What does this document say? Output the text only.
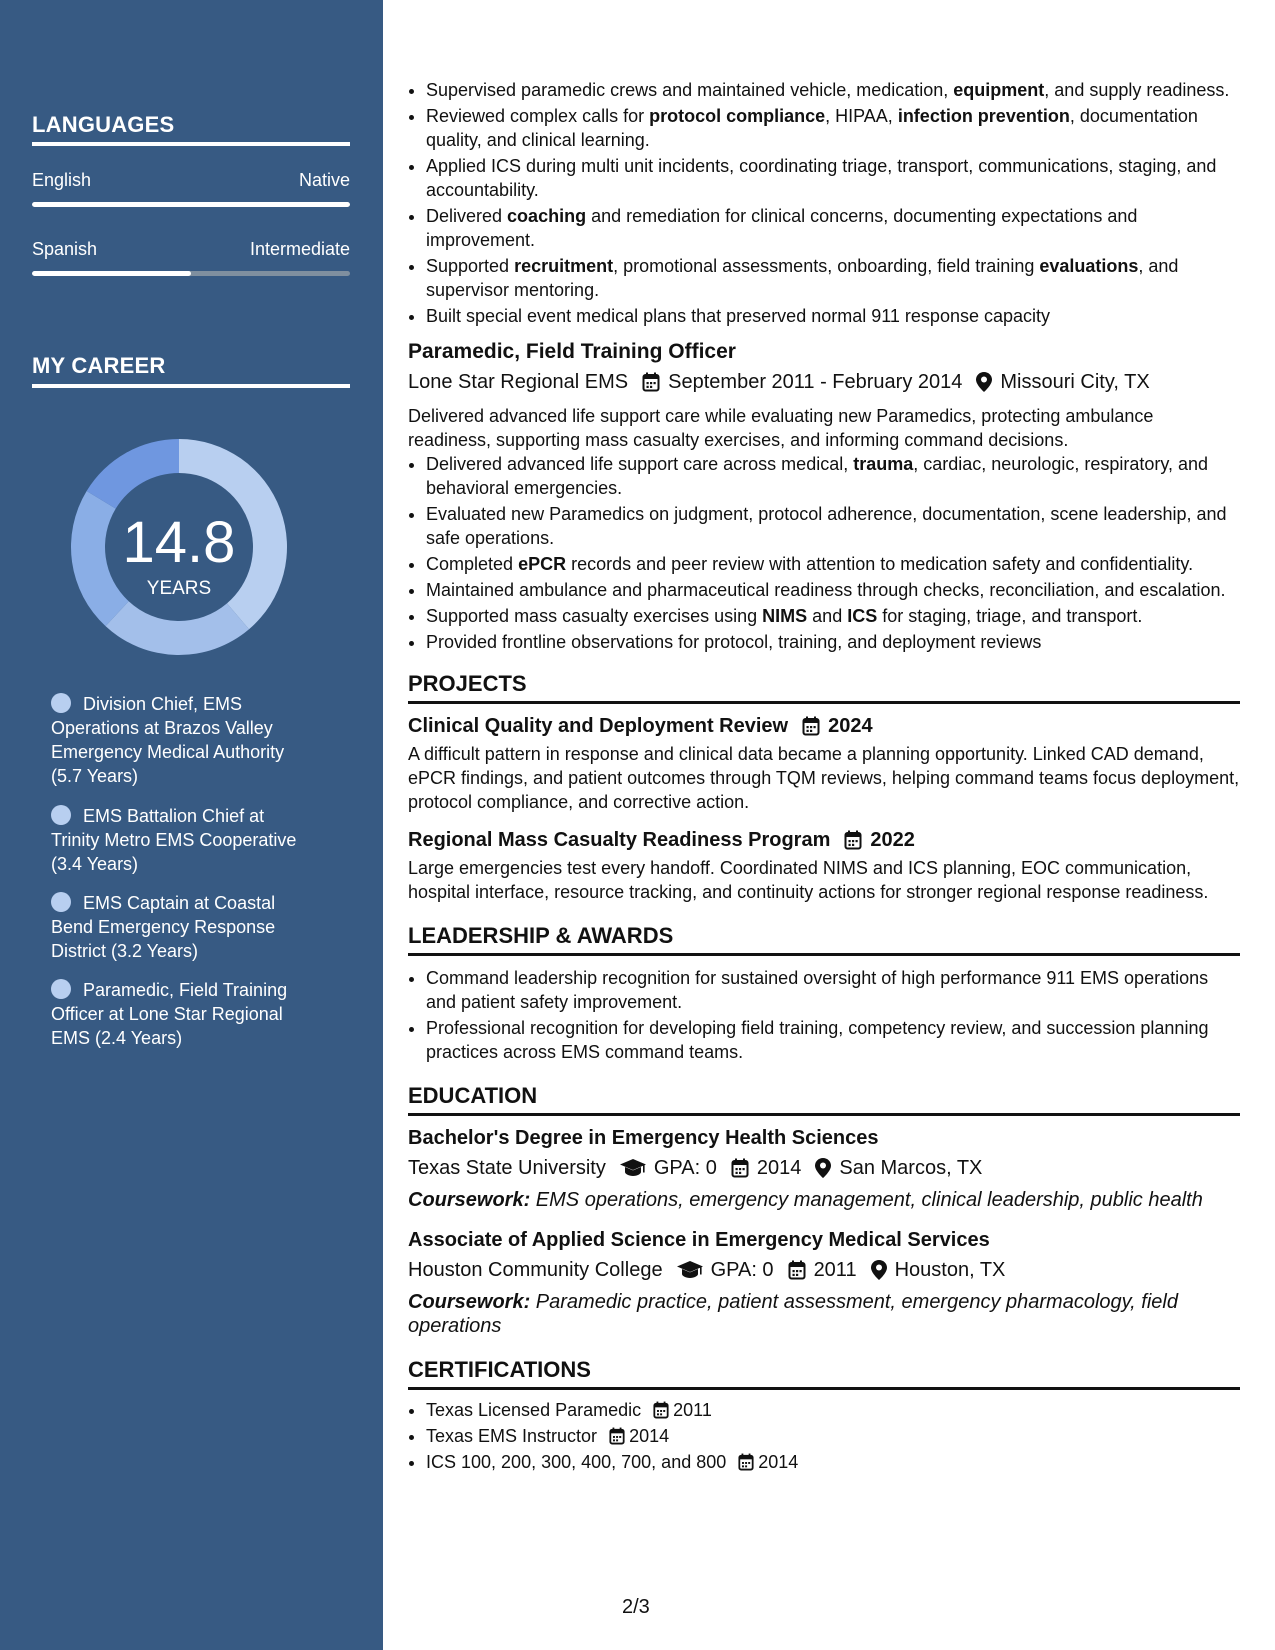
LANGUAGES
English	Native
Spanish	Intermediate
MY CAREER
14.8
YEARS
Division Chief, EMS Operations at Brazos Valley Emergency Medical Authority (5.7 Years)
EMS Battalion Chief at Trinity Metro EMS Cooperative (3.4 Years)
EMS Captain at Coastal Bend Emergency Response District (3.2 Years)
Paramedic, Field Training Officer at Lone Star Regional EMS (2.4 Years)
• Supervised paramedic crews and maintained vehicle, medication, equipment, and supply readiness.
• Reviewed complex calls for protocol compliance, HIPAA, infection prevention, documentation quality, and clinical learning.
• Applied ICS during multi unit incidents, coordinating triage, transport, communications, staging, and accountability.
• Delivered coaching and remediation for clinical concerns, documenting expectations and improvement.
• Supported recruitment, promotional assessments, onboarding, field training evaluations, and supervisor mentoring.
• Built special event medical plans that preserved normal 911 response capacity
Paramedic, Field Training Officer
Lone Star Regional EMS September 2011 - February 2014 Missouri City, TX
Delivered advanced life support care while evaluating new Paramedics, protecting ambulance readiness, supporting mass casualty exercises, and informing command decisions.
• Delivered advanced life support care across medical, trauma, cardiac, neurologic, respiratory, and behavioral emergencies.
• Evaluated new Paramedics on judgment, protocol adherence, documentation, scene leadership, and safe operations.
• Completed ePCR records and peer review with attention to medication safety and confidentiality.
• Maintained ambulance and pharmaceutical readiness through checks, reconciliation, and escalation.
• Supported mass casualty exercises using NIMS and ICS for staging, triage, and transport.
• Provided frontline observations for protocol, training, and deployment reviews
PROJECTS
Clinical Quality and Deployment Review 2024
A difficult pattern in response and clinical data became a planning opportunity. Linked CAD demand, ePCR findings, and patient outcomes through TQM reviews, helping command teams focus deployment, protocol compliance, and corrective action.
Regional Mass Casualty Readiness Program 2022
Large emergencies test every handoff. Coordinated NIMS and ICS planning, EOC communication, hospital interface, resource tracking, and continuity actions for stronger regional response readiness.
LEADERSHIP & AWARDS
• Command leadership recognition for sustained oversight of high performance 911 EMS operations and patient safety improvement.
• Professional recognition for developing field training, competency review, and succession planning practices across EMS command teams.
EDUCATION
Bachelor's Degree in Emergency Health Sciences
Texas State University GPA: 0 2014 San Marcos, TX
Coursework: EMS operations, emergency management, clinical leadership, public health
Associate of Applied Science in Emergency Medical Services
Houston Community College GPA: 0 2011 Houston, TX
Coursework: Paramedic practice, patient assessment, emergency pharmacology, field operations
CERTIFICATIONS
• Texas Licensed Paramedic 2011
• Texas EMS Instructor 2014
• ICS 100, 200, 300, 400, 700, and 800 2014
2/3
